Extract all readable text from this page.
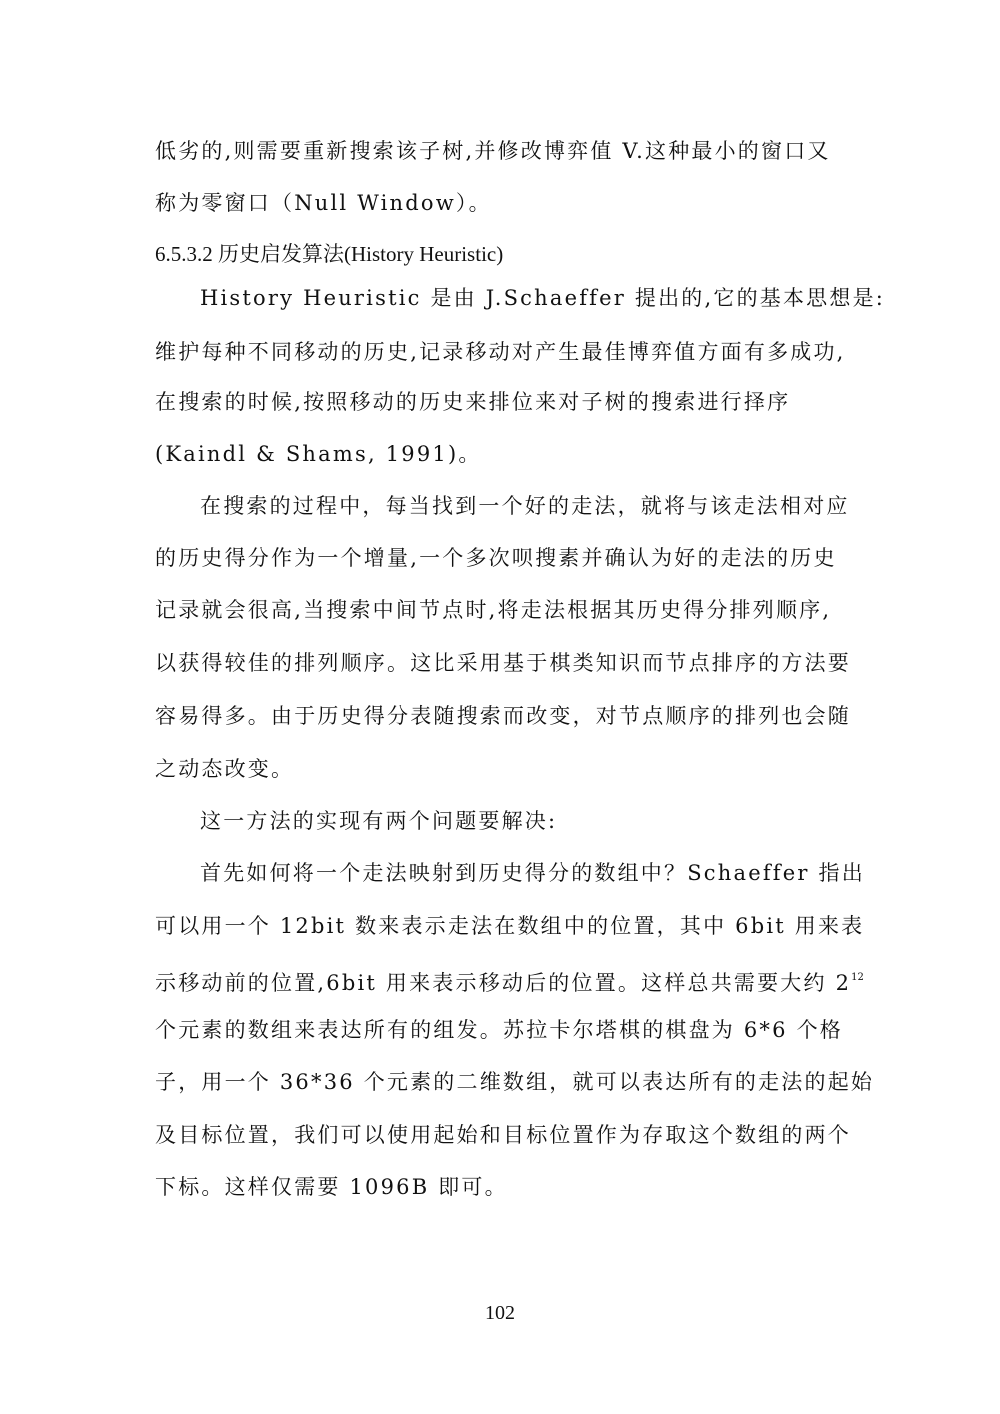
低劣的,则需要重新搜索该子树,并修改博弈值 V.这种最小的窗口又
称为零窗口（Null Window）。
6.5.3.2 历史启发算法(History Heuristic)
History Heuristic 是由 J.Schaeffer 提出的,它的基本思想是:
维护每种不同移动的历史,记录移动对产生最佳博弈值方面有多成功,
在搜索的时候,按照移动的历史来排位来对子树的搜索进行择序
(Kaindl & Shams, 1991)。
在搜索的过程中，每当找到一个好的走法，就将与该走法相对应
的历史得分作为一个增量,一个多次呗搜素并确认为好的走法的历史
记录就会很高,当搜索中间节点时,将走法根据其历史得分排列顺序,
以获得较佳的排列顺序。这比采用基于棋类知识而节点排序的方法要
容易得多。由于历史得分表随搜索而改变，对节点顺序的排列也会随
之动态改变。
这一方法的实现有两个问题要解决:
首先如何将一个走法映射到历史得分的数组中？Schaeffer 指出
可以用一个 12bit 数来表示走法在数组中的位置，其中 6bit 用来表
示移动前的位置,6bit 用来表示移动后的位置。这样总共需要大约 $2^{12}$
个元素的数组来表达所有的组发。苏拉卡尔塔棋的棋盘为 6*6 个格
子，用一个 36*36 个元素的二维数组，就可以表达所有的走法的起始
及目标位置，我们可以使用起始和目标位置作为存取这个数组的两个
下标。这样仅需要 1096B 即可。
102
